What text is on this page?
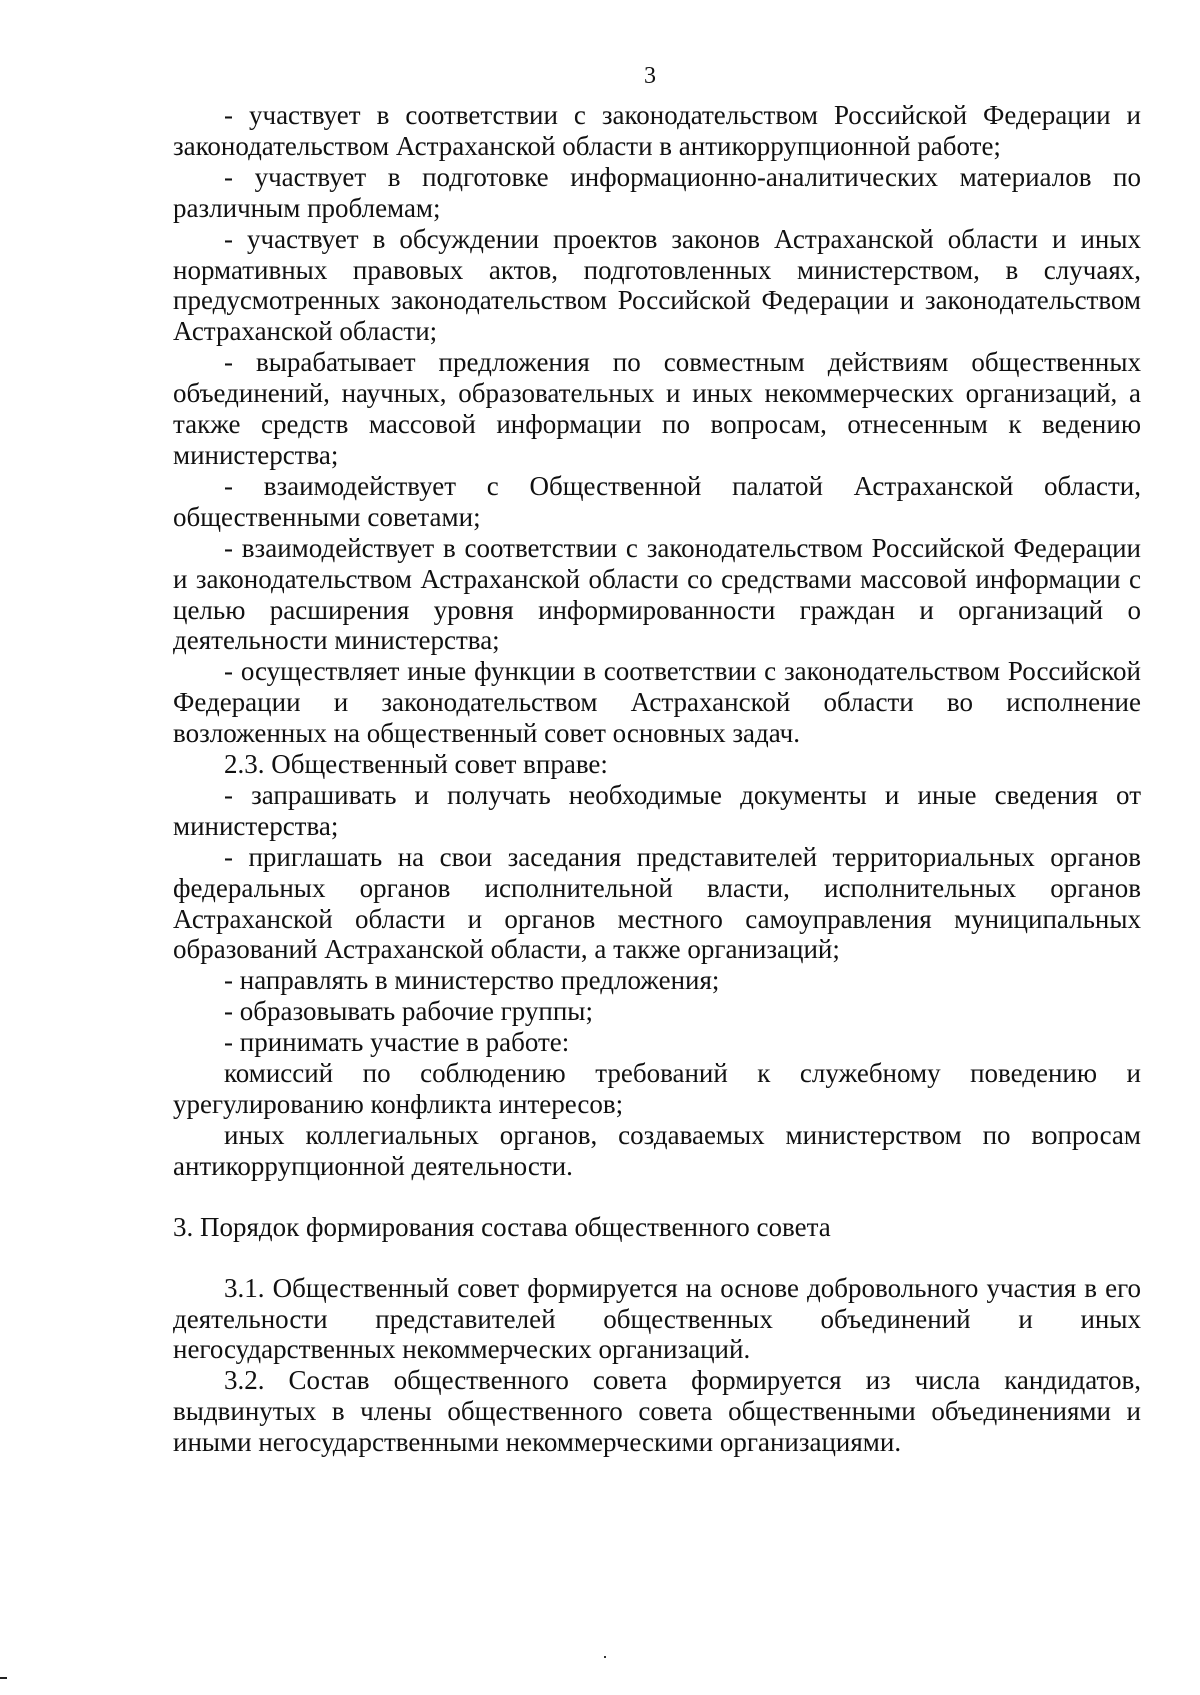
3

- участвует в соответствии с законодательством Российской Федерации и законодательством Астраханской области в антикоррупционной работе;

- участвует в подготовке информационно-аналитических материалов по различным проблемам;

- участвует в обсуждении проектов законов Астраханской области и иных нормативных правовых актов, подготовленных министерством, в случаях, предусмотренных законодательством Российской Федерации и законодательством Астраханской области;

- вырабатывает предложения по совместным действиям общественных объединений, научных, образовательных и иных некоммерческих организаций, а также средств массовой информации по вопросам, отнесенным к ведению министерства;

- взаимодействует с Общественной палатой Астраханской области, общественными советами;

- взаимодействует в соответствии с законодательством Российской Федерации и законодательством Астраханской области со средствами массовой информации с целью расширения уровня информированности граждан и организаций о деятельности министерства;

- осуществляет иные функции в соответствии с законодательством Российской Федерации и законодательством Астраханской области во исполнение возложенных на общественный совет основных задач.

2.3. Общественный совет вправе:

- запрашивать и получать необходимые документы и иные сведения от министерства;

- приглашать на свои заседания представителей территориальных органов федеральных органов исполнительной власти, исполнительных органов Астраханской области и органов местного самоуправления муниципальных образований Астраханской области, а также организаций;

- направлять в министерство предложения;

- образовывать рабочие группы;

- принимать участие в работе:

комиссий по соблюдению требований к служебному поведению и урегулированию конфликта интересов;

иных коллегиальных органов, создаваемых министерством по вопросам антикоррупционной деятельности.

3. Порядок формирования состава общественного совета

3.1. Общественный совет формируется на основе добровольного участия в его деятельности представителей общественных объединений и иных негосударственных некоммерческих организаций.

3.2. Состав общественного совета формируется из числа кандидатов, выдвинутых в члены общественного совета общественными объединениями и иными негосударственными некоммерческими организациями.
